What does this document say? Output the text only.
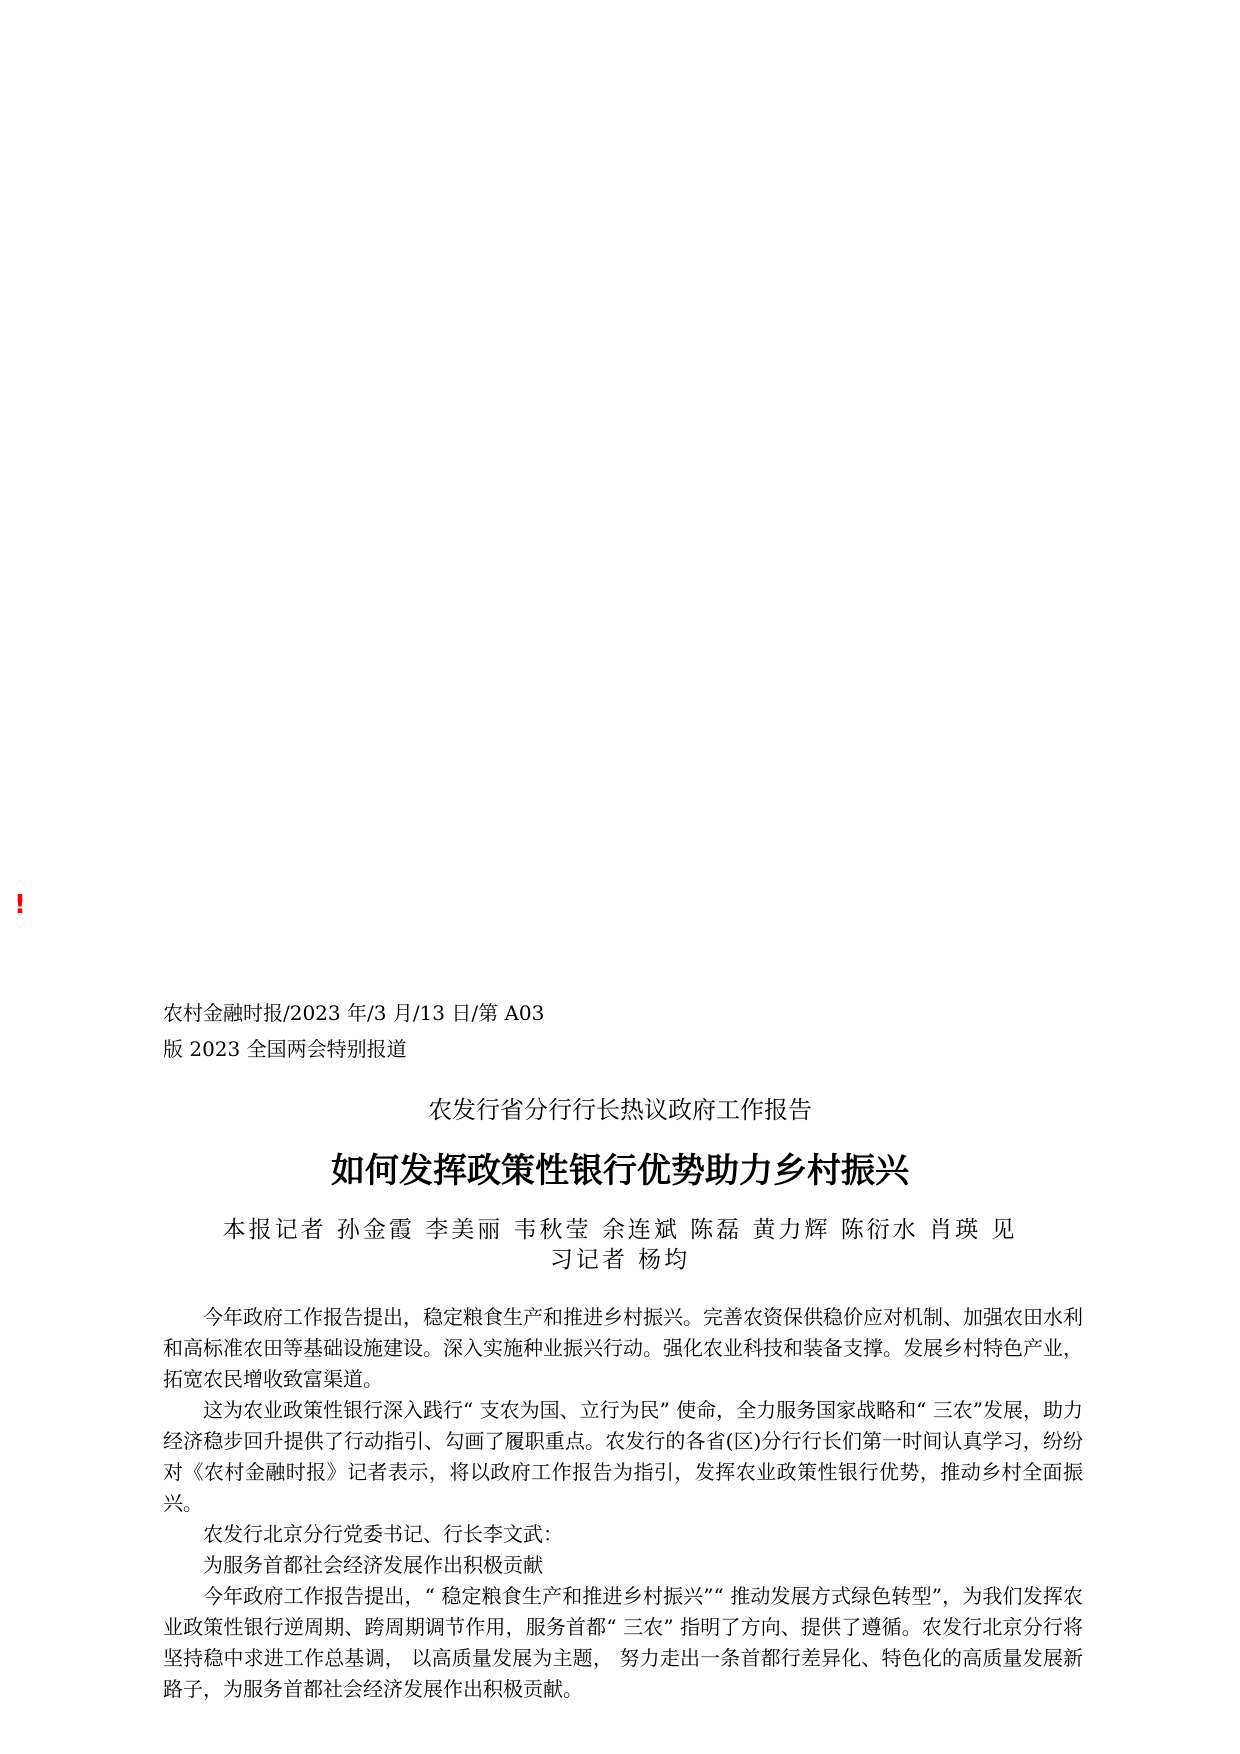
!
农村金融时报/2023 年/3 月/13 日/第 A03
版 2023 全国两会特别报道
农发行省分行行长热议政府工作报告
如何发挥政策性银行优势助力乡村振兴
本报记者 孙金霞 李美丽 韦秋莹 余连斌 陈磊 黄力辉 陈衍水 肖瑛 见
习记者 杨均

今年政府工作报告提出，稳定粮食生产和推进乡村振兴。完善农资保供稳价应对机制、加强农田水利和高标准农田等基础设施建设。深入实施种业振兴行动。强化农业科技和装备支撑。发展乡村特色产业，拓宽农民增收致富渠道。

这为农业政策性银行深入践行“ 支农为国、立行为民” 使命，全力服务国家战略和“ 三农”发展，助力经济稳步回升提供了行动指引、勾画了履职重点。农发行的各省(区)分行行长们第一时间认真学习，纷纷对《农村金融时报》记者表示，将以政府工作报告为指引，发挥农业政策性银行优势，推动乡村全面振兴。

农发行北京分行党委书记、行长李文武：

为服务首都社会经济发展作出积极贡献

今年政府工作报告提出，“ 稳定粮食生产和推进乡村振兴”“ 推动发展方式绿色转型”，为我们发挥农业政策性银行逆周期、跨周期调节作用，服务首都“ 三农” 指明了方向、提供了遵循。农发行北京分行将坚持稳中求进工作总基调， 以高质量发展为主题， 努力走出一条首都行差异化、特色化的高质量发展新路子，为服务首都社会经济发展作出积极贡献。
